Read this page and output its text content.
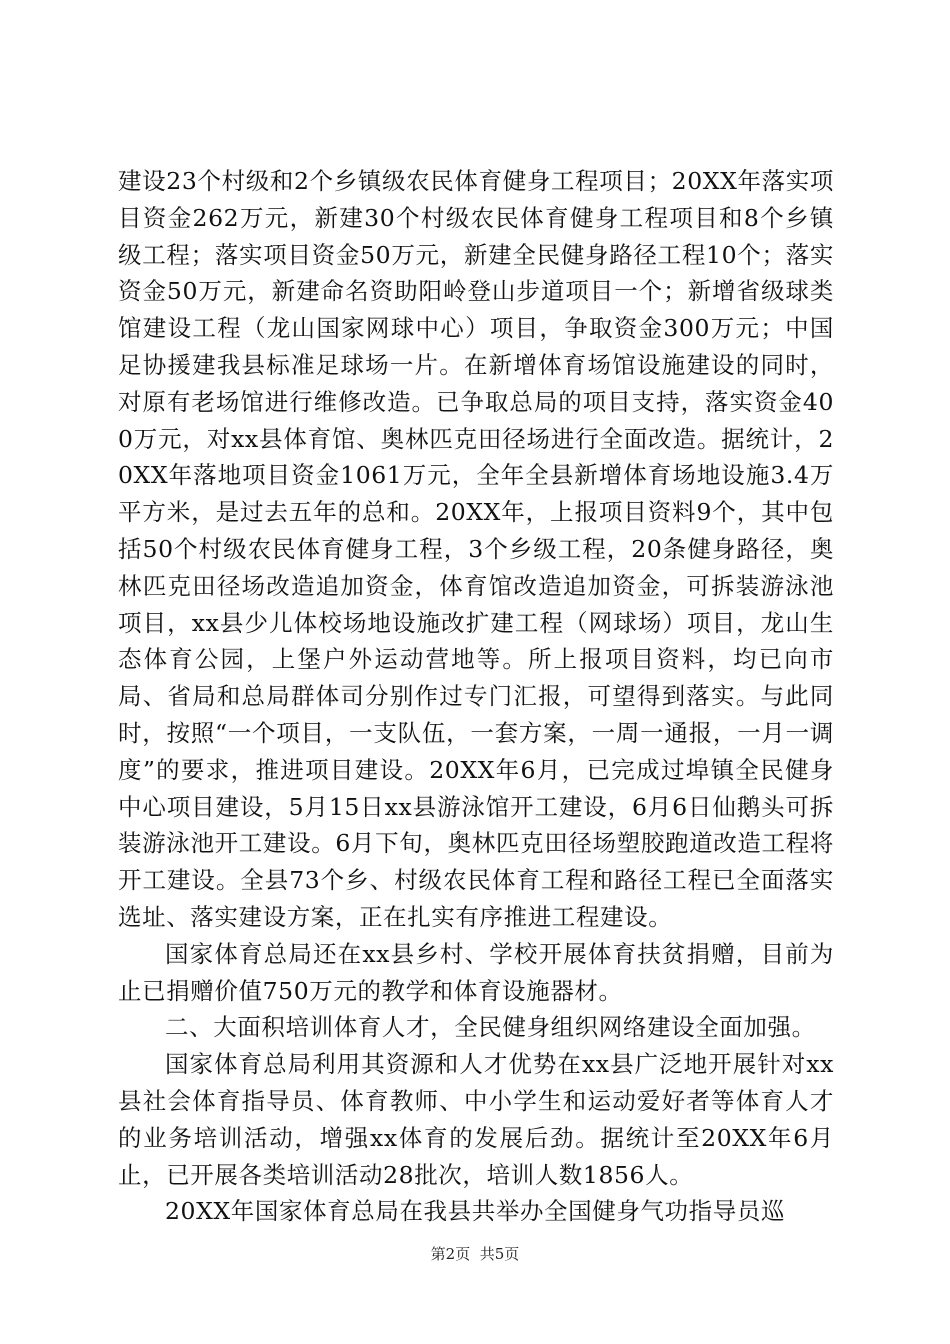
建设23个村级和2个乡镇级农民体育健身工程项目；20XX年落实项目资金262万元，新建30个村级农民体育健身工程项目和8个乡镇级工程；落实项目资金50万元，新建全民健身路径工程10个；落实资金50万元，新建命名资助阳岭登山步道项目一个；新增省级球类馆建设工程（龙山国家网球中心）项目，争取资金300万元；中国足协援建我县标准足球场一片。在新增体育场馆设施建设的同时，对原有老场馆进行维修改造。已争取总局的项目支持，落实资金400万元，对xx县体育馆、奥林匹克田径场进行全面改造。据统计，20XX年落地项目资金1061万元，全年全县新增体育场地设施3.4万平方米，是过去五年的总和。20XX年，上报项目资料9个，其中包括50个村级农民体育健身工程，3个乡级工程，20条健身路径，奥林匹克田径场改造追加资金，体育馆改造追加资金，可拆装游泳池项目，xx县少儿体校场地设施改扩建工程（网球场）项目，龙山生态体育公园，上堡户外运动营地等。所上报项目资料，均已向市局、省局和总局群体司分别作过专门汇报，可望得到落实。与此同时，按照“一个项目，一支队伍，一套方案，一周一通报，一月一调度”的要求，推进项目建设。20XX年6月，已完成过埠镇全民健身中心项目建设，5月15日xx县游泳馆开工建设，6月6日仙鹅头可拆装游泳池开工建设。6月下旬，奥林匹克田径场塑胶跑道改造工程将开工建设。全县73个乡、村级农民体育工程和路径工程已全面落实选址、落实建设方案，正在扎实有序推进工程建设。

国家体育总局还在xx县乡村、学校开展体育扶贫捐赠，目前为止已捐赠价值750万元的教学和体育设施器材。

二、大面积培训体育人才，全民健身组织网络建设全面加强。

国家体育总局利用其资源和人才优势在xx县广泛地开展针对xx县社会体育指导员、体育教师、中小学生和运动爱好者等体育人才的业务培训活动，增强xx体育的发展后劲。据统计至20XX年6月止，已开展各类培训活动28批次，培训人数1856人。

20XX年国家体育总局在我县共举办全国健身气功指导员巡

第2页 共5页
